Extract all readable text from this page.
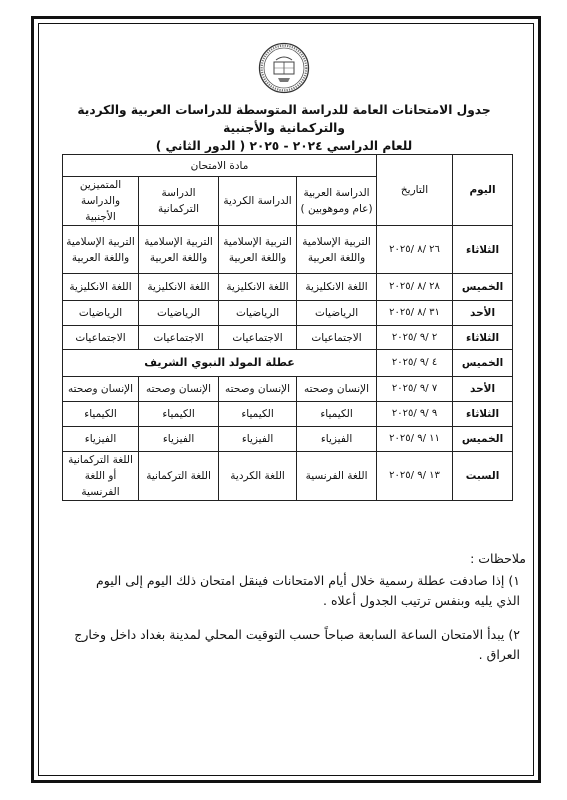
جدول الامتحانات العامة للدراسة المتوسطة للدراسات العربية والكردية والتركمانية والأجنبية
للعام الدراسي ٢٠٢٤ - ٢٠٢٥ ( الدور الثاني )
اليوم	التاريخ	مادة الامتحان			
		الدراسة العربية (عام وموهوبين )	الدراسة الكردية	الدراسة التركمانية	المتميزين والدراسة الأجنبية
الثلاثاء	٢٦ /٨ /٢٠٢٥	التربية الإسلامية واللغة العربية	التربية الإسلامية واللغة العربية	التربية الإسلامية واللغة العربية	التربية الإسلامية واللغة العربية
الخميس	٢٨ /٨ /٢٠٢٥	اللغة الانكليزية	اللغة الانكليزية	اللغة الانكليزية	اللغة الانكليزية
الأحد	٣١ /٨ /٢٠٢٥	الرياضيات	الرياضيات	الرياضيات	الرياضيات
الثلاثاء	٢ /٩ /٢٠٢٥	الاجتماعيات	الاجتماعيات	الاجتماعيات	الاجتماعيات
الخميس	٤ /٩ /٢٠٢٥	عطلة المولد النبوي الشريف			
الأحد	٧ /٩ /٢٠٢٥	الإنسان وصحته	الإنسان وصحته	الإنسان وصحته	الإنسان وصحته
الثلاثاء	٩ /٩ /٢٠٢٥	الكيمياء	الكيمياء	الكيمياء	الكيمياء
الخميس	١١ /٩ /٢٠٢٥	الفيزياء	الفيزياء	الفيزياء	الفيزياء
السبت	١٣ /٩ /٢٠٢٥	اللغة الفرنسية	اللغة الكردية	اللغة التركمانية	اللغة التركمانية أو اللغة الفرنسية
ملاحظات :
١)إذا صادفت عطلة رسمية خلال أيام الامتحانات فينقل امتحان ذلك اليوم إلى اليوم الذي يليه وبنفس ترتيب الجدول أعلاه .
٢)يبدأ الامتحان الساعة السابعة صباحاً حسب التوقيت المحلي لمدينة بغداد داخل وخارج العراق .
